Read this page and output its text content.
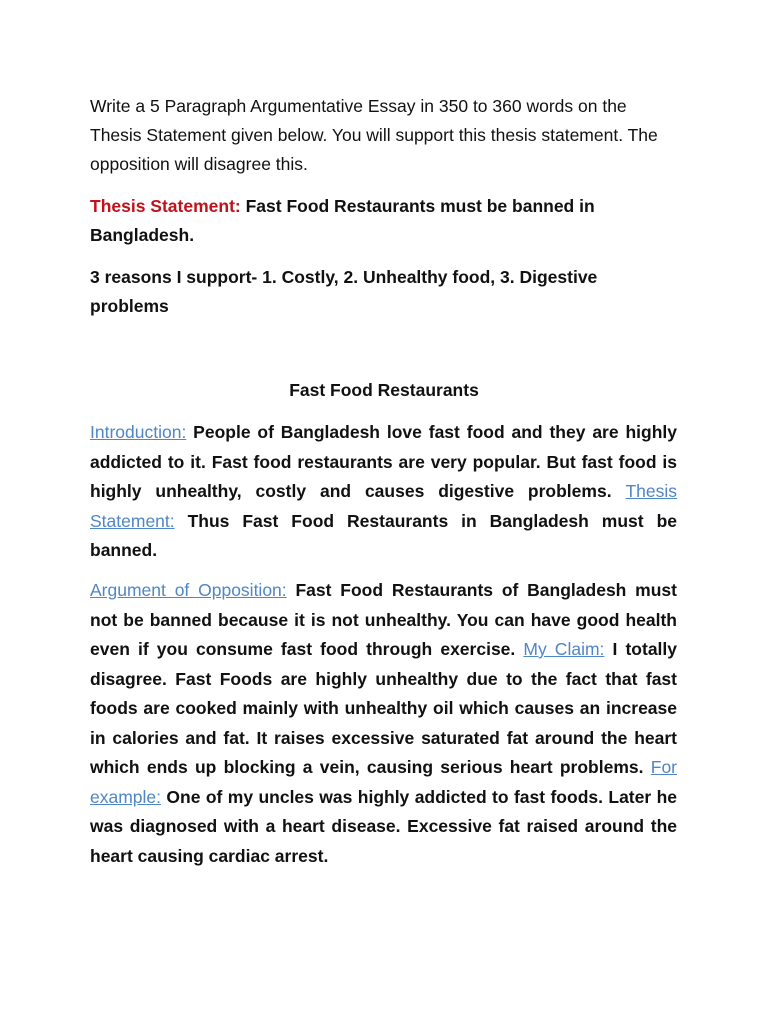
Write a 5 Paragraph Argumentative Essay in 350 to 360 words on the Thesis Statement given below. You will support this thesis statement. The opposition will disagree this.

Thesis Statement: Fast Food Restaurants must be banned in Bangladesh.

3 reasons I support- 1. Costly, 2. Unhealthy food, 3. Digestive problems

Fast Food Restaurants

Introduction: People of Bangladesh love fast food and they are highly addicted to it. Fast food restaurants are very popular. But fast food is highly unhealthy, costly and causes digestive problems. Thesis Statement: Thus Fast Food Restaurants in Bangladesh must be banned.

Argument of Opposition: Fast Food Restaurants of Bangladesh must not be banned because it is not unhealthy. You can have good health even if you consume fast food through exercise. My Claim: I totally disagree. Fast Foods are highly unhealthy due to the fact that fast foods are cooked mainly with unhealthy oil which causes an increase in calories and fat. It raises excessive saturated fat around the heart which ends up blocking a vein, causing serious heart problems. For example: One of my uncles was highly addicted to fast foods. Later he was diagnosed with a heart disease. Excessive fat raised around the heart causing cardiac arrest.
